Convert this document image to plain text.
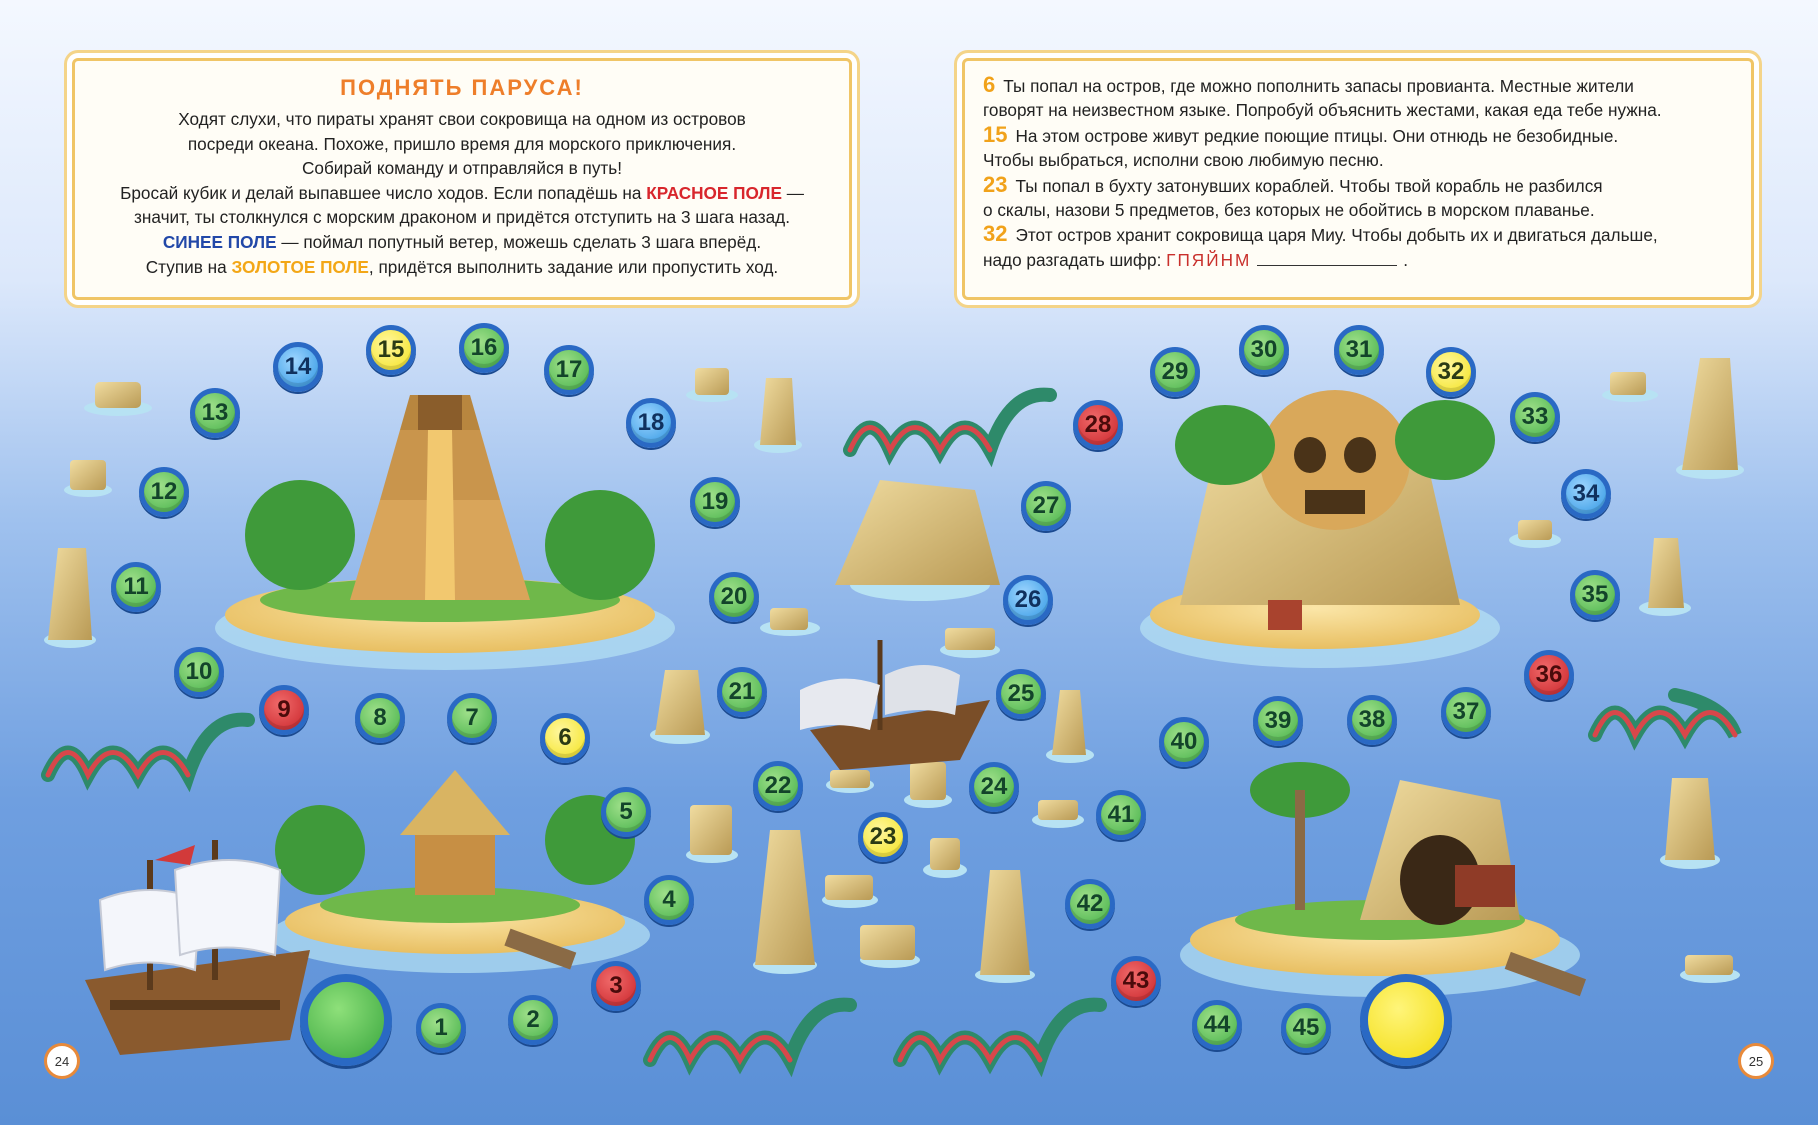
ПОДНЯТЬ ПАРУСА!
Ходят слухи, что пираты хранят свои сокровища на одном из островов
посреди океана. Похоже, пришло время для морского приключения.
Собирай команду и отправляйся в путь!
Бросай кубик и делай выпавшее число ходов. Если попадёшь на КРАСНОЕ ПОЛЕ —
значит, ты столкнулся с морским драконом и придётся отступить на 3 шага назад.
СИНЕЕ ПОЛЕ — поймал попутный ветер, можешь сделать 3 шага вперёд.
Ступив на ЗОЛОТОЕ ПОЛЕ, придётся выполнить задание или пропустить ход.
6 Ты попал на остров, где можно пополнить запасы провианта. Местные жители
говорят на неизвестном языке. Попробуй объяснить жестами, какая еда тебе нужна.
15 На этом острове живут редкие поющие птицы. Они отнюдь не безобидные.
Чтобы выбраться, исполни свою любимую песню.
23 Ты попал в бухту затонувших кораблей. Чтобы твой корабль не разбился
о скалы, назови 5 предметов, без которых не обойтись в морском плаванье.
32 Этот остров хранит сокровища царя Миу. Чтобы добыть их и двигаться дальше,
надо разгадать шифр: ГПЯЙНМ	.
1	2
3
4
5
6
7
8
9
10
11
12
13
14
15	16
17
18
19
20
21
22
23
24
25
26
27
28
29
30	31
32
33
34
35
36
37
38
39
40
41
42
43
44	45
24	25
